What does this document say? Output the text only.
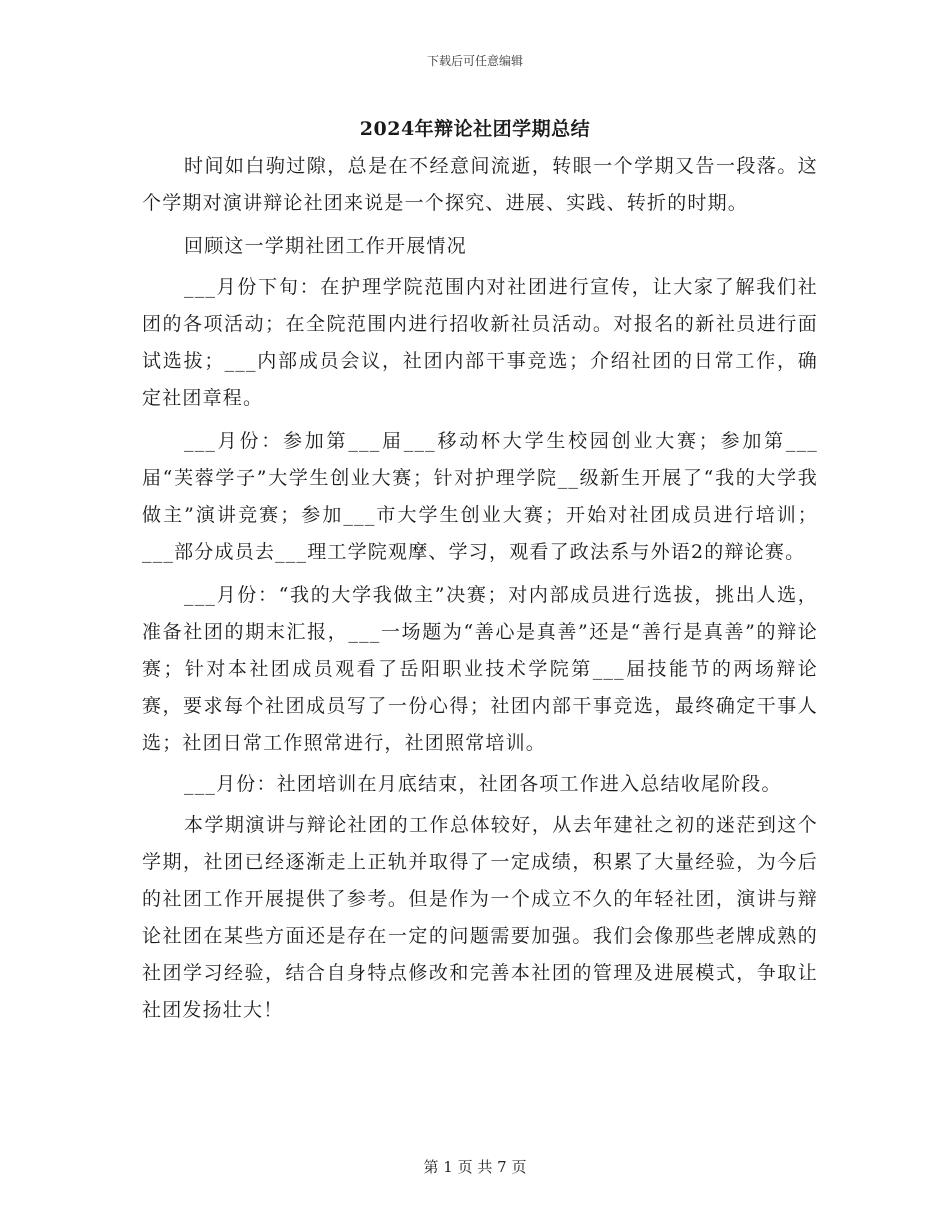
下载后可任意编辑
2024年辩论社团学期总结

时间如白驹过隙，总是在不经意间流逝，转眼一个学期又告一段落。这个学期对演讲辩论社团来说是一个探究、进展、实践、转折的时期。

回顾这一学期社团工作开展情况

___月份下旬：在护理学院范围内对社团进行宣传，让大家了解我们社团的各项活动；在全院范围内进行招收新社员活动。对报名的新社员进行面试选拔；___内部成员会议，社团内部干事竞选；介绍社团的日常工作，确定社团章程。

___月份：参加第___届___移动杯大学生校园创业大赛；参加第___届“芙蓉学子”大学生创业大赛；针对护理学院__级新生开展了“我的大学我做主”演讲竞赛；参加___市大学生创业大赛；开始对社团成员进行培训；___部分成员去___理工学院观摩、学习，观看了政法系与外语2的辩论赛。

___月份：“我的大学我做主”决赛；对内部成员进行选拔，挑出人选，准备社团的期末汇报，___一场题为“善心是真善”还是“善行是真善”的辩论赛；针对本社团成员观看了岳阳职业技术学院第___届技能节的两场辩论赛，要求每个社团成员写了一份心得；社团内部干事竞选，最终确定干事人选；社团日常工作照常进行，社团照常培训。

___月份：社团培训在月底结束，社团各项工作进入总结收尾阶段。

本学期演讲与辩论社团的工作总体较好，从去年建社之初的迷茫到这个学期，社团已经逐渐走上正轨并取得了一定成绩，积累了大量经验，为今后的社团工作开展提供了参考。但是作为一个成立不久的年轻社团，演讲与辩论社团在某些方面还是存在一定的问题需要加强。我们会像那些老牌成熟的社团学习经验，结合自身特点修改和完善本社团的管理及进展模式，争取让社团发扬壮大！

第 1 页 共 7 页
